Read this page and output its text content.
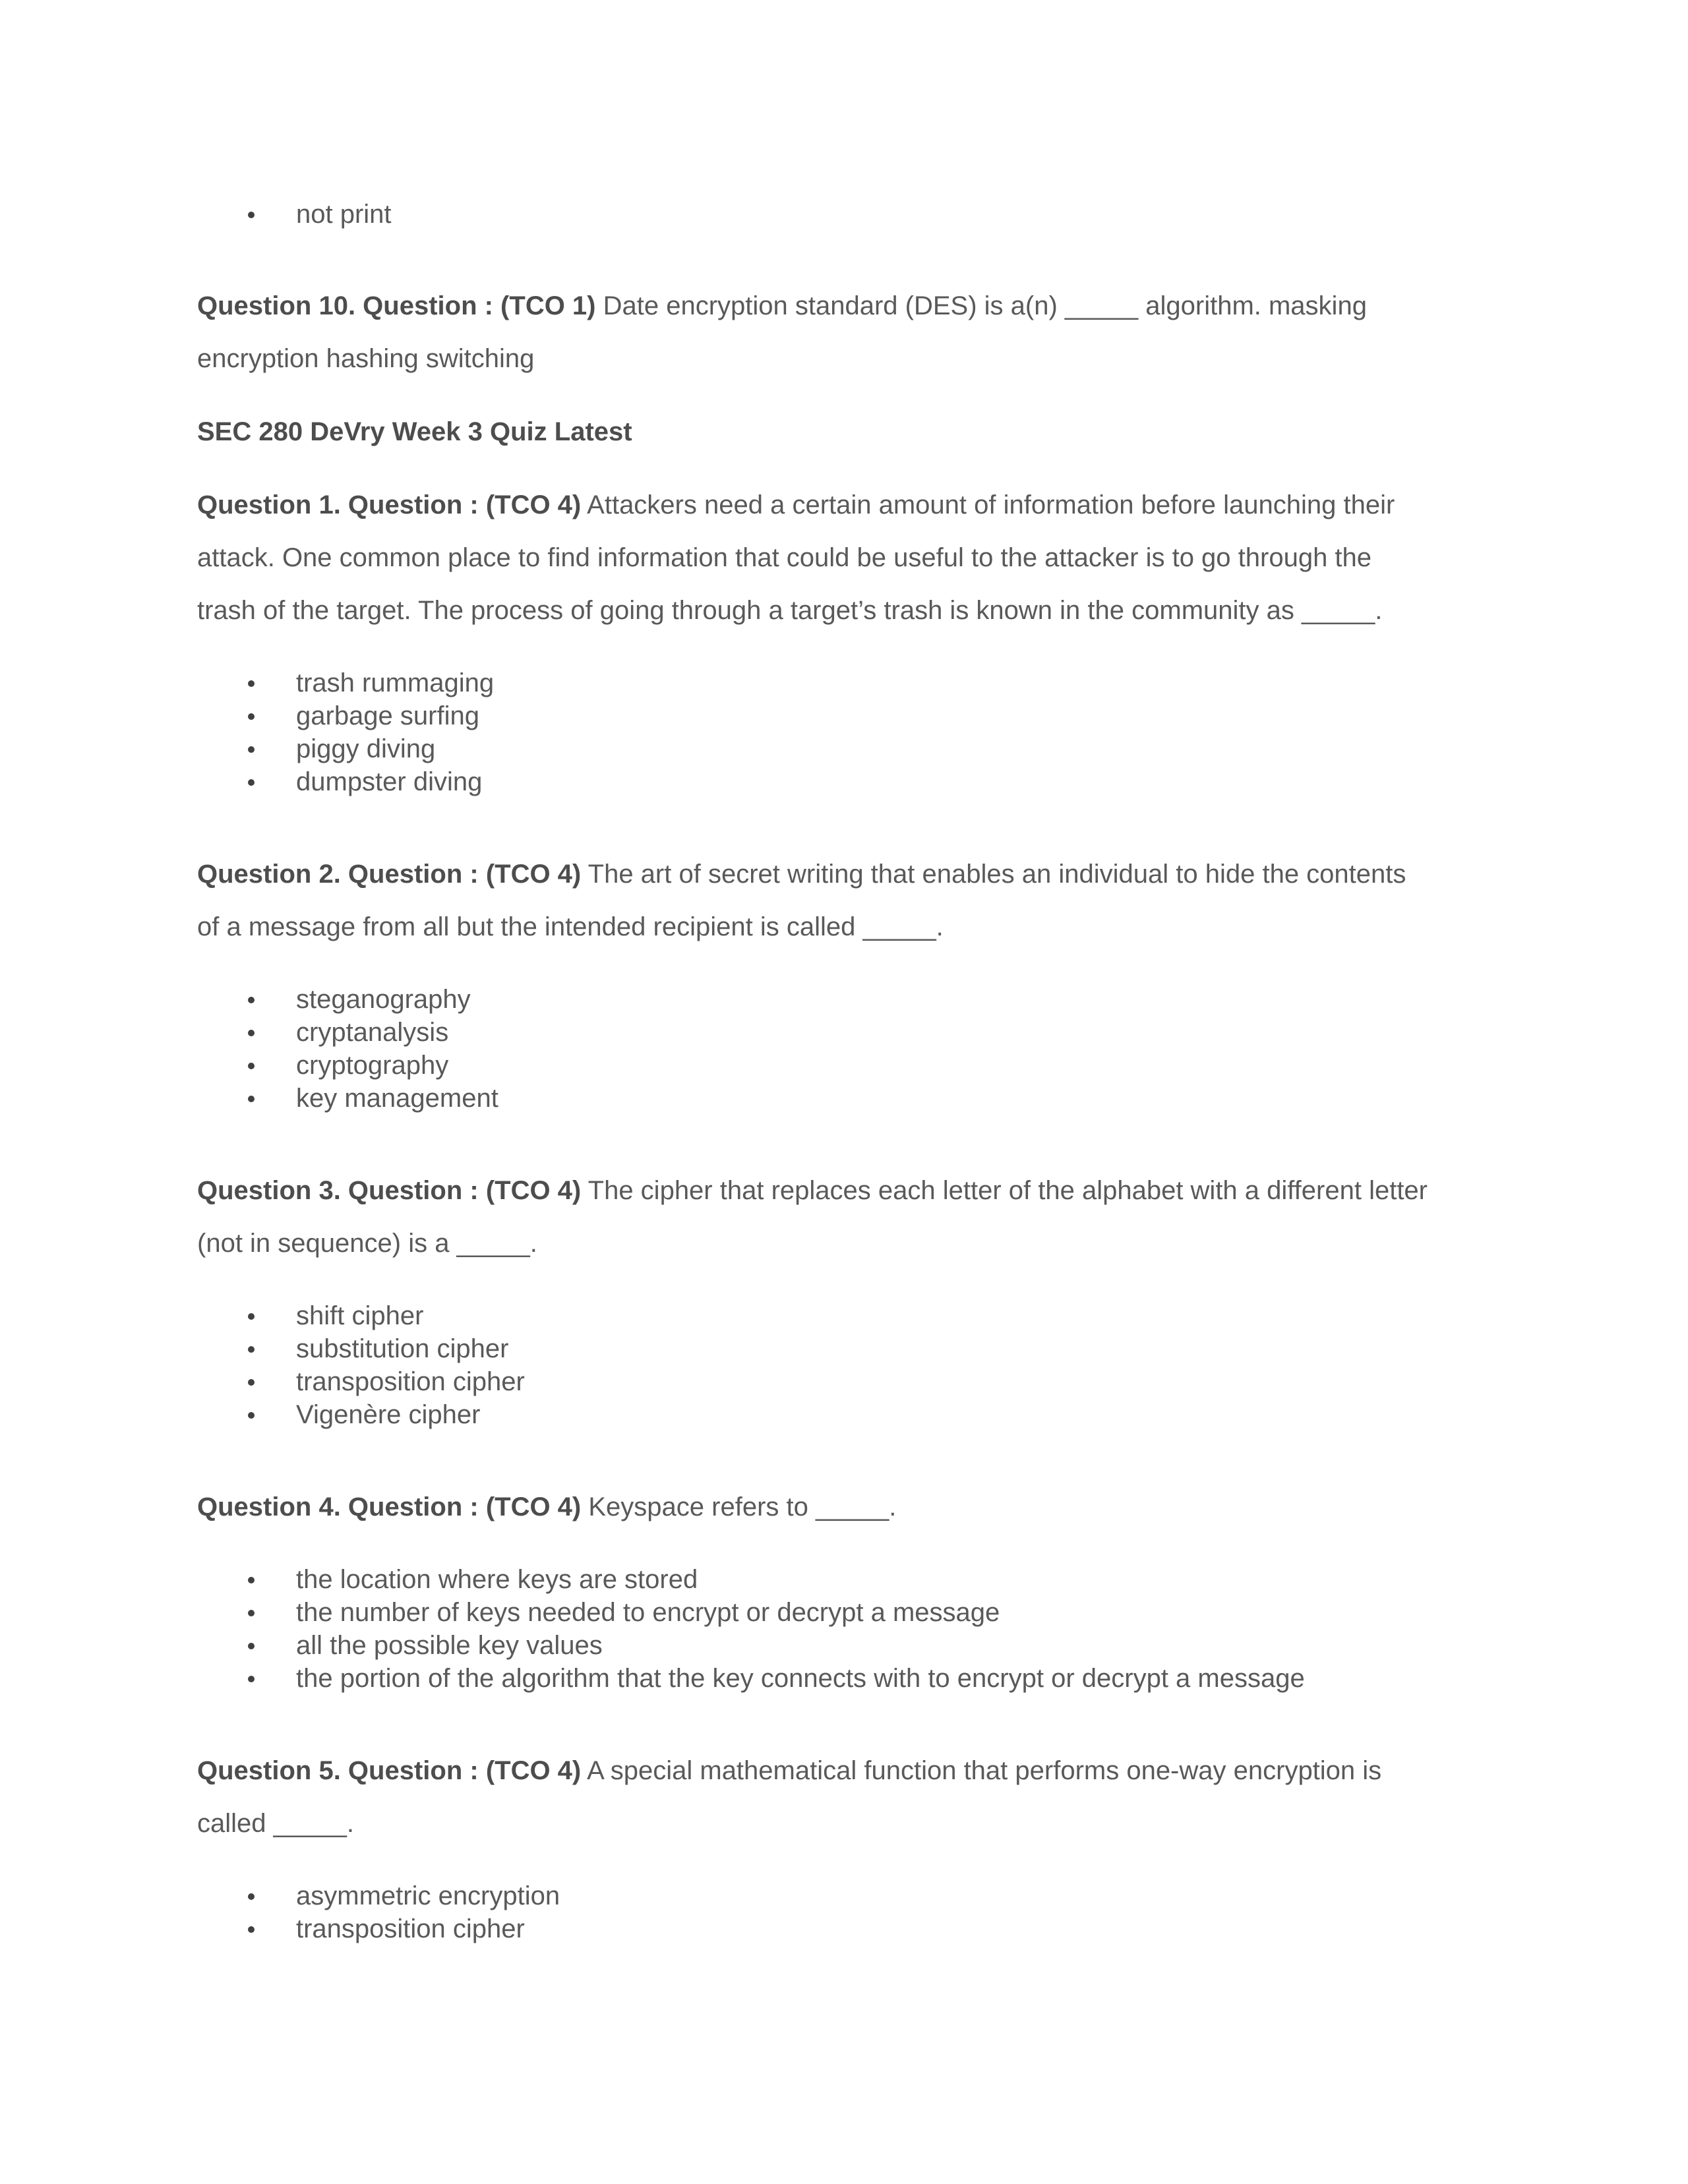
not print

Question 10. Question : (TCO 1) Date encryption standard (DES) is a(n) _____ algorithm. masking

encryption hashing switching

SEC 280 DeVry Week 3 Quiz Latest

Question 1. Question : (TCO 4) Attackers need a certain amount of information before launching their

attack. One common place to find information that could be useful to the attacker is to go through the

trash of the target. The process of going through a target’s trash is known in the community as _____.

trash rummaging
garbage surfing
piggy diving
dumpster diving

Question 2. Question : (TCO 4) The art of secret writing that enables an individual to hide the contents

of a message from all but the intended recipient is called _____.

steganography
cryptanalysis
cryptography
key management

Question 3. Question : (TCO 4) The cipher that replaces each letter of the alphabet with a different letter

(not in sequence) is a _____.

shift cipher
substitution cipher
transposition cipher
Vigenère cipher

Question 4. Question : (TCO 4) Keyspace refers to _____.

the location where keys are stored
the number of keys needed to encrypt or decrypt a message
all the possible key values
the portion of the algorithm that the key connects with to encrypt or decrypt a message

Question 5. Question : (TCO 4) A special mathematical function that performs one-way encryption is

called _____.

asymmetric encryption
transposition cipher
